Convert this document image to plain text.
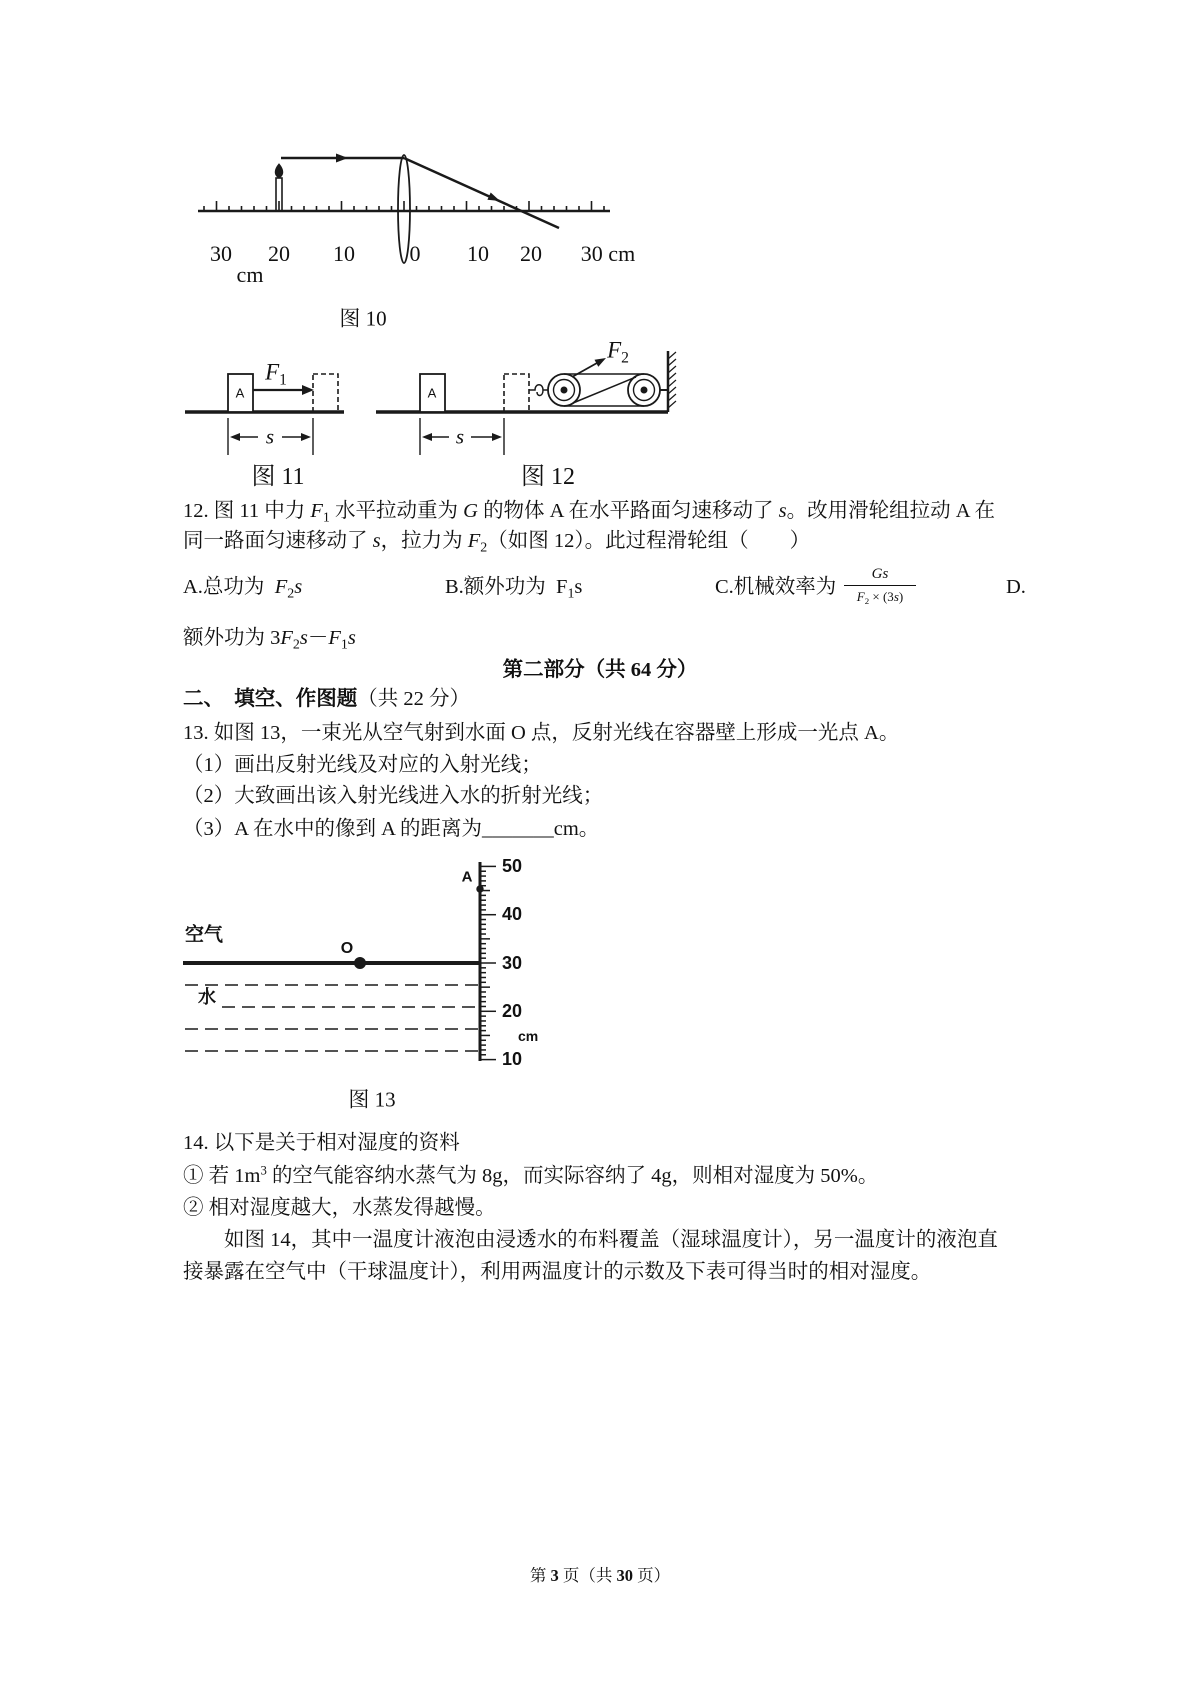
30 20 10 0 10 20 30 cm
cm
图 10
A
$F_1$
s
图 11
A
$F_2$
s
图 12
12. 图 11 中力 $F_1$ 水平拉动重为 G 的物体 A 在水平路面匀速移动了 s。改用滑轮组拉动 A 在
同一路面匀速移动了 s，拉力为 $F_2$（如图 12）。此过程滑轮组（        ）
A.总功为  $F_2s$	B.额外功为  $F_1s$	C.机械效率为 $\frac{Gs}{F_2 \times (3s)}$	D.
额外功为 $3F_2s-F_1s$
第二部分（共 64 分）
二、  填空、作图题（共 22 分）
13. 如图 13，一束光从空气射到水面 O 点，反射光线在容器壁上形成一光点 A。
（1）画出反射光线及对应的入射光线；
（2）大致画出该入射光线进入水的折射光线；
（3）A 在水中的像到 A 的距离为_______cm。
空气
O
水
A
50
40
30
20
10
cm
图 13
14. 以下是关于相对湿度的资料
① 若 $1m^3$ 的空气能容纳水蒸气为 8g，而实际容纳了 4g，则相对湿度为 50%。
② 相对湿度越大，水蒸发得越慢。
如图 14，其中一温度计液泡由浸透水的布料覆盖（湿球温度计），另一温度计的液泡直
接暴露在空气中（干球温度计），利用两温度计的示数及下表可得当时的相对湿度。
第 3 页（共 30 页）
